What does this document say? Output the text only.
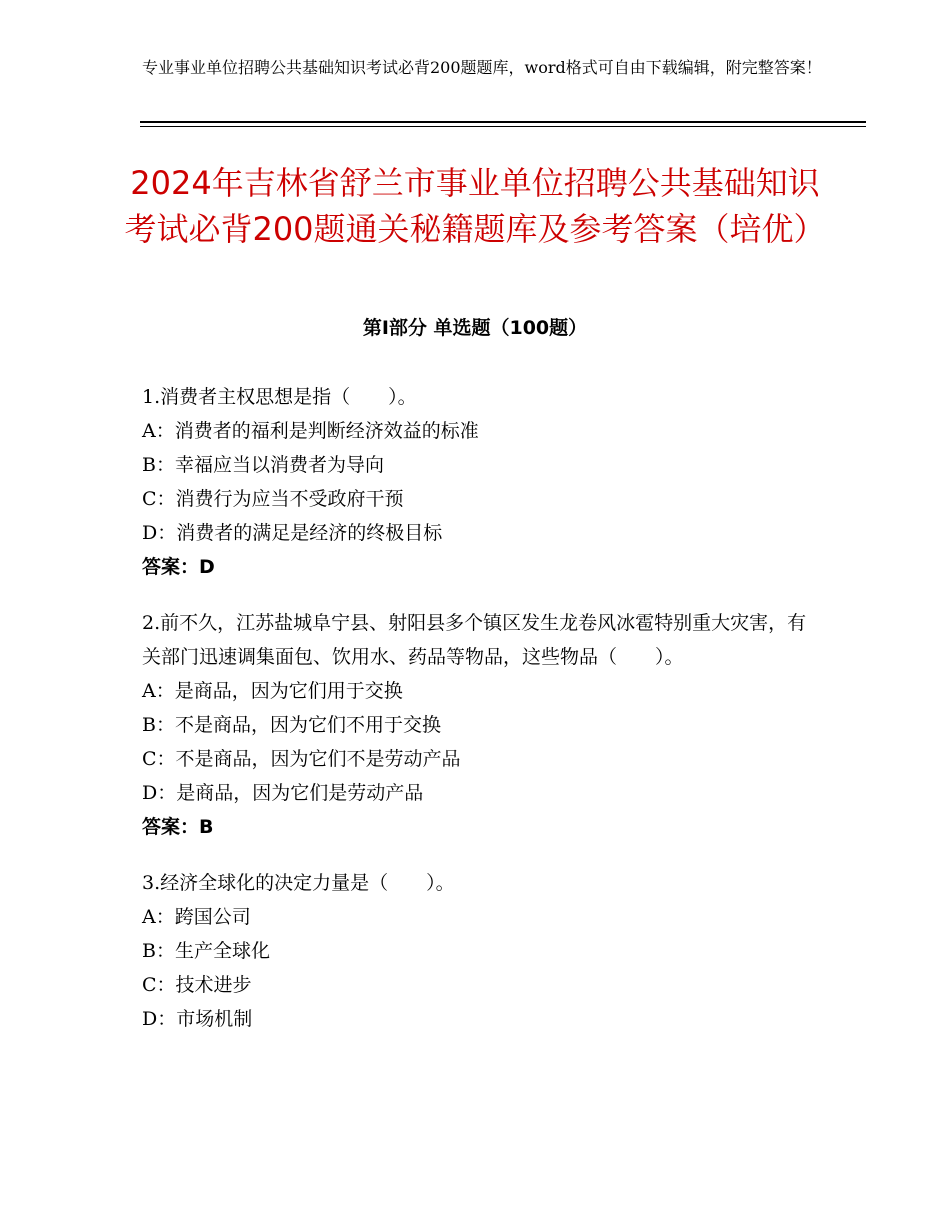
专业事业单位招聘公共基础知识考试必背200题题库，word格式可自由下载编辑，附完整答案！
2024年吉林省舒兰市事业单位招聘公共基础知识考试必背200题通关秘籍题库及参考答案（培优）
第Ⅰ部分 单选题（100题）
1.消费者主权思想是指（　　）。
A：消费者的福利是判断经济效益的标准
B：幸福应当以消费者为导向
C：消费行为应当不受政府干预
D：消费者的满足是经济的终极目标
答案：D
2.前不久，江苏盐城阜宁县、射阳县多个镇区发生龙卷风冰雹特别重大灾害，有关部门迅速调集面包、饮用水、药品等物品，这些物品（　　）。
A：是商品，因为它们用于交换
B：不是商品，因为它们不用于交换
C：不是商品，因为它们不是劳动产品
D：是商品，因为它们是劳动产品
答案：B
3.经济全球化的决定力量是（　　）。
A：跨国公司
B：生产全球化
C：技术进步
D：市场机制
